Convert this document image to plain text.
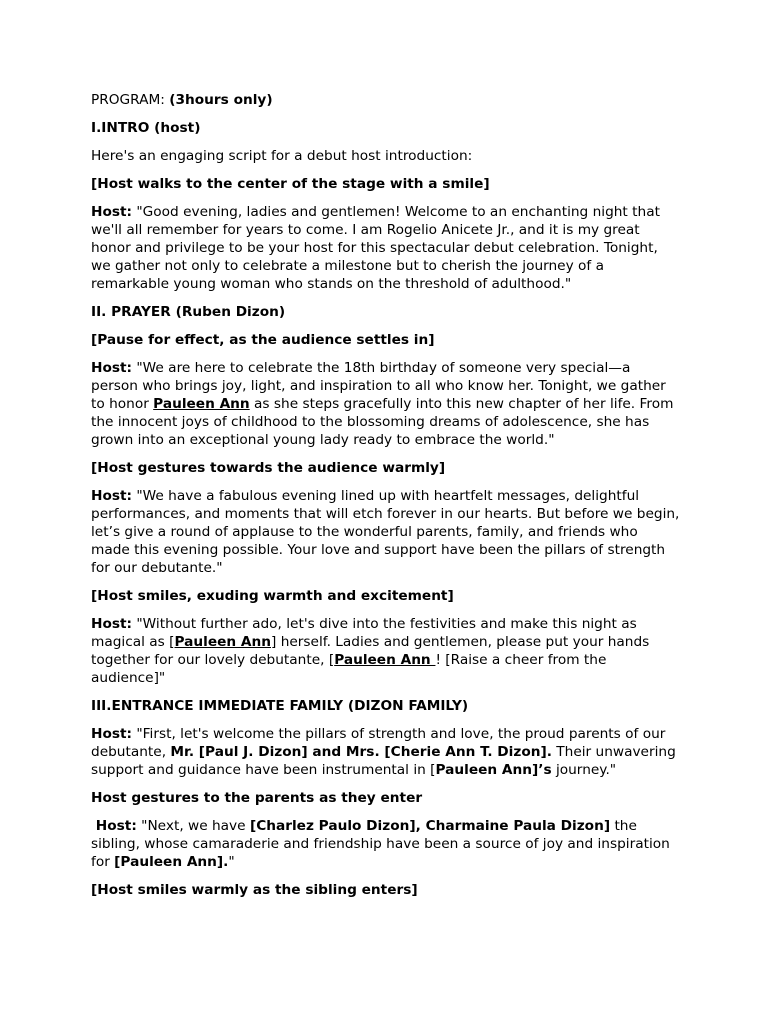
PROGRAM: (3hours only)

I.INTRO (host)

Here's an engaging script for a debut host introduction:

[Host walks to the center of the stage with a smile]

Host: "Good evening, ladies and gentlemen! Welcome to an enchanting night that we'll all remember for years to come. I am Rogelio Anicete Jr., and it is my great honor and privilege to be your host for this spectacular debut celebration. Tonight, we gather not only to celebrate a milestone but to cherish the journey of a remarkable young woman who stands on the threshold of adulthood."

II. PRAYER (Ruben Dizon)

[Pause for effect, as the audience settles in]

Host: "We are here to celebrate the 18th birthday of someone very special—a person who brings joy, light, and inspiration to all who know her. Tonight, we gather to honor Pauleen Ann as she steps gracefully into this new chapter of her life. From the innocent joys of childhood to the blossoming dreams of adolescence, she has grown into an exceptional young lady ready to embrace the world."

[Host gestures towards the audience warmly]

Host: "We have a fabulous evening lined up with heartfelt messages, delightful performances, and moments that will etch forever in our hearts. But before we begin, let’s give a round of applause to the wonderful parents, family, and friends who made this evening possible. Your love and support have been the pillars of strength for our debutante."

[Host smiles, exuding warmth and excitement]

Host: "Without further ado, let's dive into the festivities and make this night as magical as [Pauleen Ann] herself. Ladies and gentlemen, please put your hands together for our lovely debutante, [Pauleen Ann ! [Raise a cheer from the audience]"

III.ENTRANCE IMMEDIATE FAMILY (DIZON FAMILY)

Host: "First, let's welcome the pillars of strength and love, the proud parents of our debutante, Mr. [Paul J. Dizon] and Mrs. [Cherie Ann T. Dizon]. Their unwavering support and guidance have been instrumental in [Pauleen Ann]’s journey."

Host gestures to the parents as they enter

Host: "Next, we have [Charlez Paulo Dizon], Charmaine Paula Dizon] the sibling, whose camaraderie and friendship have been a source of joy and inspiration for [Pauleen Ann]."

[Host smiles warmly as the sibling enters]
